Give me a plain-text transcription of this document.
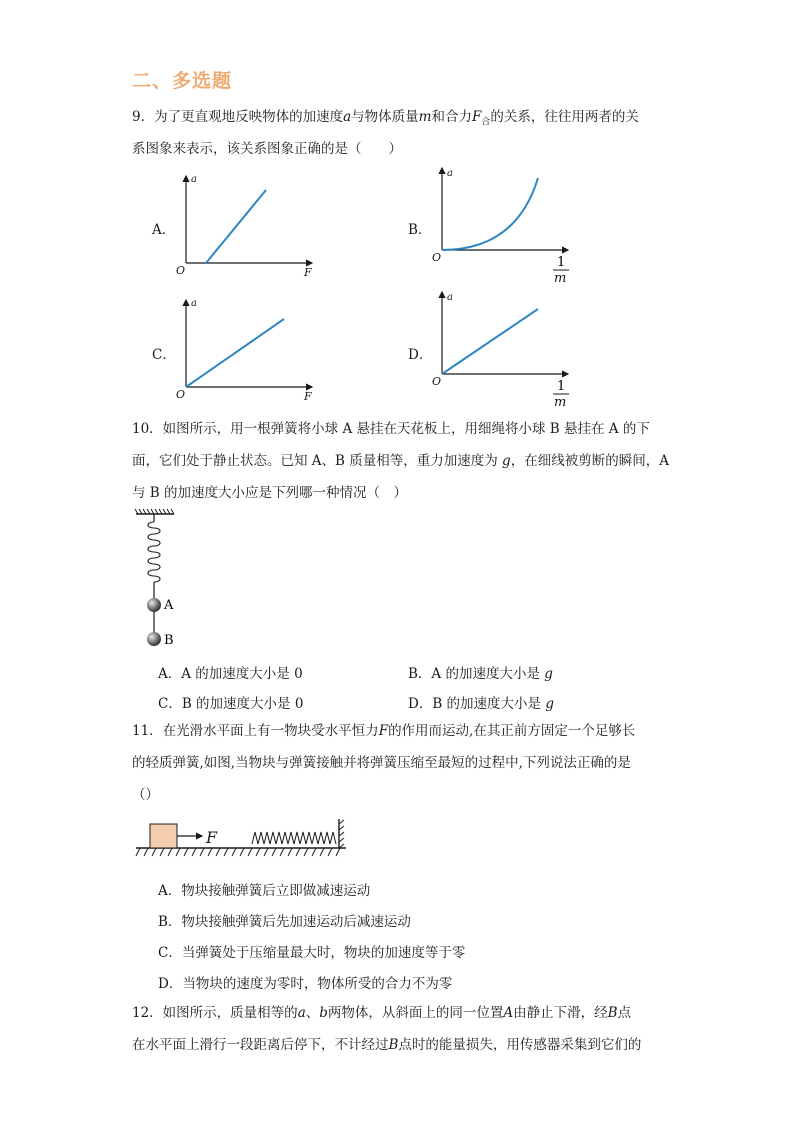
二、多选题
9．为了更直观地反映物体的加速度a与物体质量m和合力$F_合$的关系，往往用两者的关
系图象来表示，该关系图象正确的是（　　）
A．
a
O	F
B．
a
O	1
m
C．
a
O	F
D．
a
O	1
m
10．如图所示，用一根弹簧将小球 A 悬挂在天花板上，用细绳将小球 B 悬挂在 A 的下
面，它们处于静止状态。已知 A、B 质量相等，重力加速度为 g，在细线被剪断的瞬间，A
与 B 的加速度大小应是下列哪一种情况（　）
A
B
A．A 的加速度大小是 0	B．A 的加速度大小是 g
C．B 的加速度大小是 0	D．B 的加速度大小是 g
11．在光滑水平面上有一物块受水平恒力F的作用而运动,在其正前方固定一个足够长
的轻质弹簧,如图,当物块与弹簧接触并将弹簧压缩至最短的过程中,下列说法正确的是
（）
F
A．物块接触弹簧后立即做减速运动
B．物块接触弹簧后先加速运动后减速运动
C．当弹簧处于压缩量最大时，物块的加速度等于零
D．当物块的速度为零时，物体所受的合力不为零
12．如图所示，质量相等的a、b两物体，从斜面上的同一位置A由静止下滑，经B点
在水平面上滑行一段距离后停下，不计经过B点时的能量损失，用传感器采集到它们的
